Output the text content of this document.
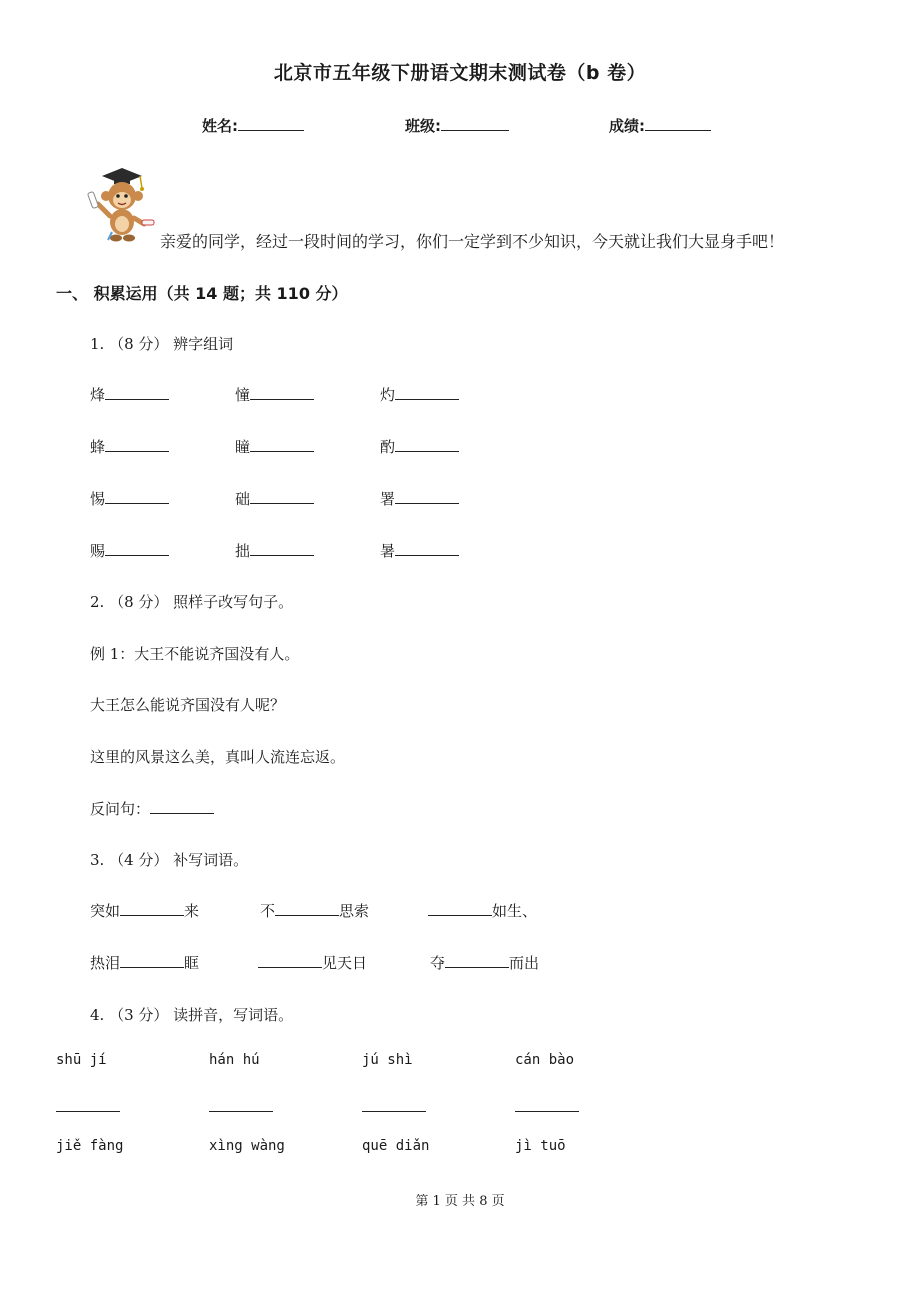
北京市五年级下册语文期末测试卷（b 卷）
姓名:	班级:	成绩:
亲爱的同学，经过一段时间的学习，你们一定学到不少知识，今天就让我们大显身手吧！
一、 积累运用（共 14 题；共 110 分）
1. （8 分） 辨字组词
烽	憧	灼
蜂	瞳	酌
惕	础	署
赐	拙	暑
2. （8 分） 照样子改写句子。
例 1：大王不能说齐国没有人。
大王怎么能说齐国没有人呢？
这里的风景这么美，真叫人流连忘返。
反问句：
3. （4 分） 补写词语。
突如	来	不	思索	如生、
热泪	眶	见天日	夺	而出
4. （3 分） 读拼音，写词语。
shū jí	hán hú	jú shì	cán bào
jiě fàng	xìng wàng	quē diǎn	jì tuō
第 1 页 共 8 页
